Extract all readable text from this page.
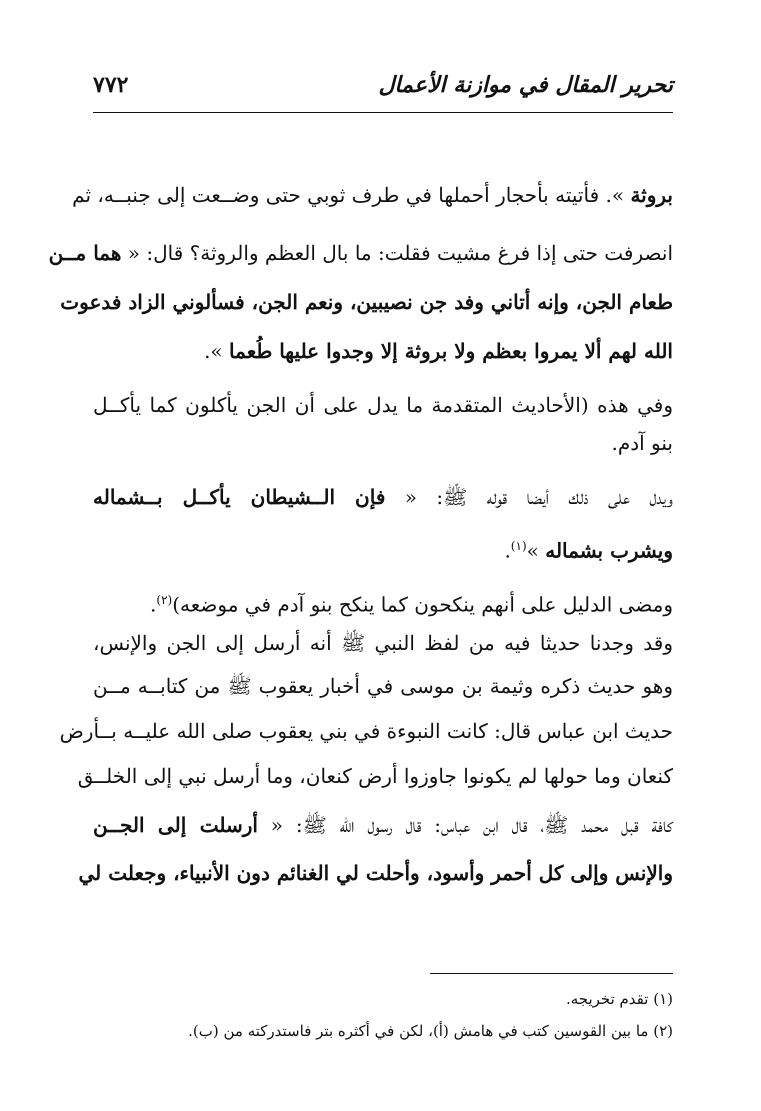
تحرير المقال في موازنة الأعمال
٧٧٢
بروثة ». فأتيته بأحجار أحملها في طرف ثوبي حتى وضــعت إلى جنبــه، ثم
انصرفت حتى إذا فرغ مشيت فقلت: ما بال العظم والروثة؟ قال: « هما مــن
طعام الجن، وإنه أتاني وفد جن نصيبين، ونعم الجن، فسألوني الزاد فدعوت
الله لهم ألا يمروا بعظم ولا بروثة إلا وجدوا عليها طُعما ».
وفي هذه (الأحاديث المتقدمة ما يدل على أن الجن يأكلون كما يأكــل
بنو آدم.
ويدل على ذلك أيضا قوله ﷺ: « فإن الــشيطان يأكــل بــشماله
ويشرب بشماله »$^{(١)}$.
ومضى الدليل على أنهم ينكحون كما ينكح بنو آدم في موضعه)$^{(٢)}$.
وقد وجدنا حديثا فيه من لفظ النبي ﷺ أنه أرسل إلى الجن والإنس،
وهو حديث ذكره وثيمة بن موسى في أخبار يعقوب ﷺ من كتابــه مــن
حديث ابن عباس قال: كانت النبوءة في بني يعقوب صلى الله عليــه بــأرض
كنعان وما حولها لم يكونوا جاوزوا أرض كنعان، وما أرسل نبي إلى الخلــق
كافة قبل محمد ﷺ، قال ابن عباس: قال رسول الله ﷺ: « أرسلت إلى الجــن
والإنس وإلى كل أحمر وأسود، وأحلت لي الغنائم دون الأنبياء، وجعلت لي
(١) تقدم تخريجه.
(٢) ما بين القوسين كتب في هامش (أ)، لكن في أكثره بتر فاستدركته من (ب).
